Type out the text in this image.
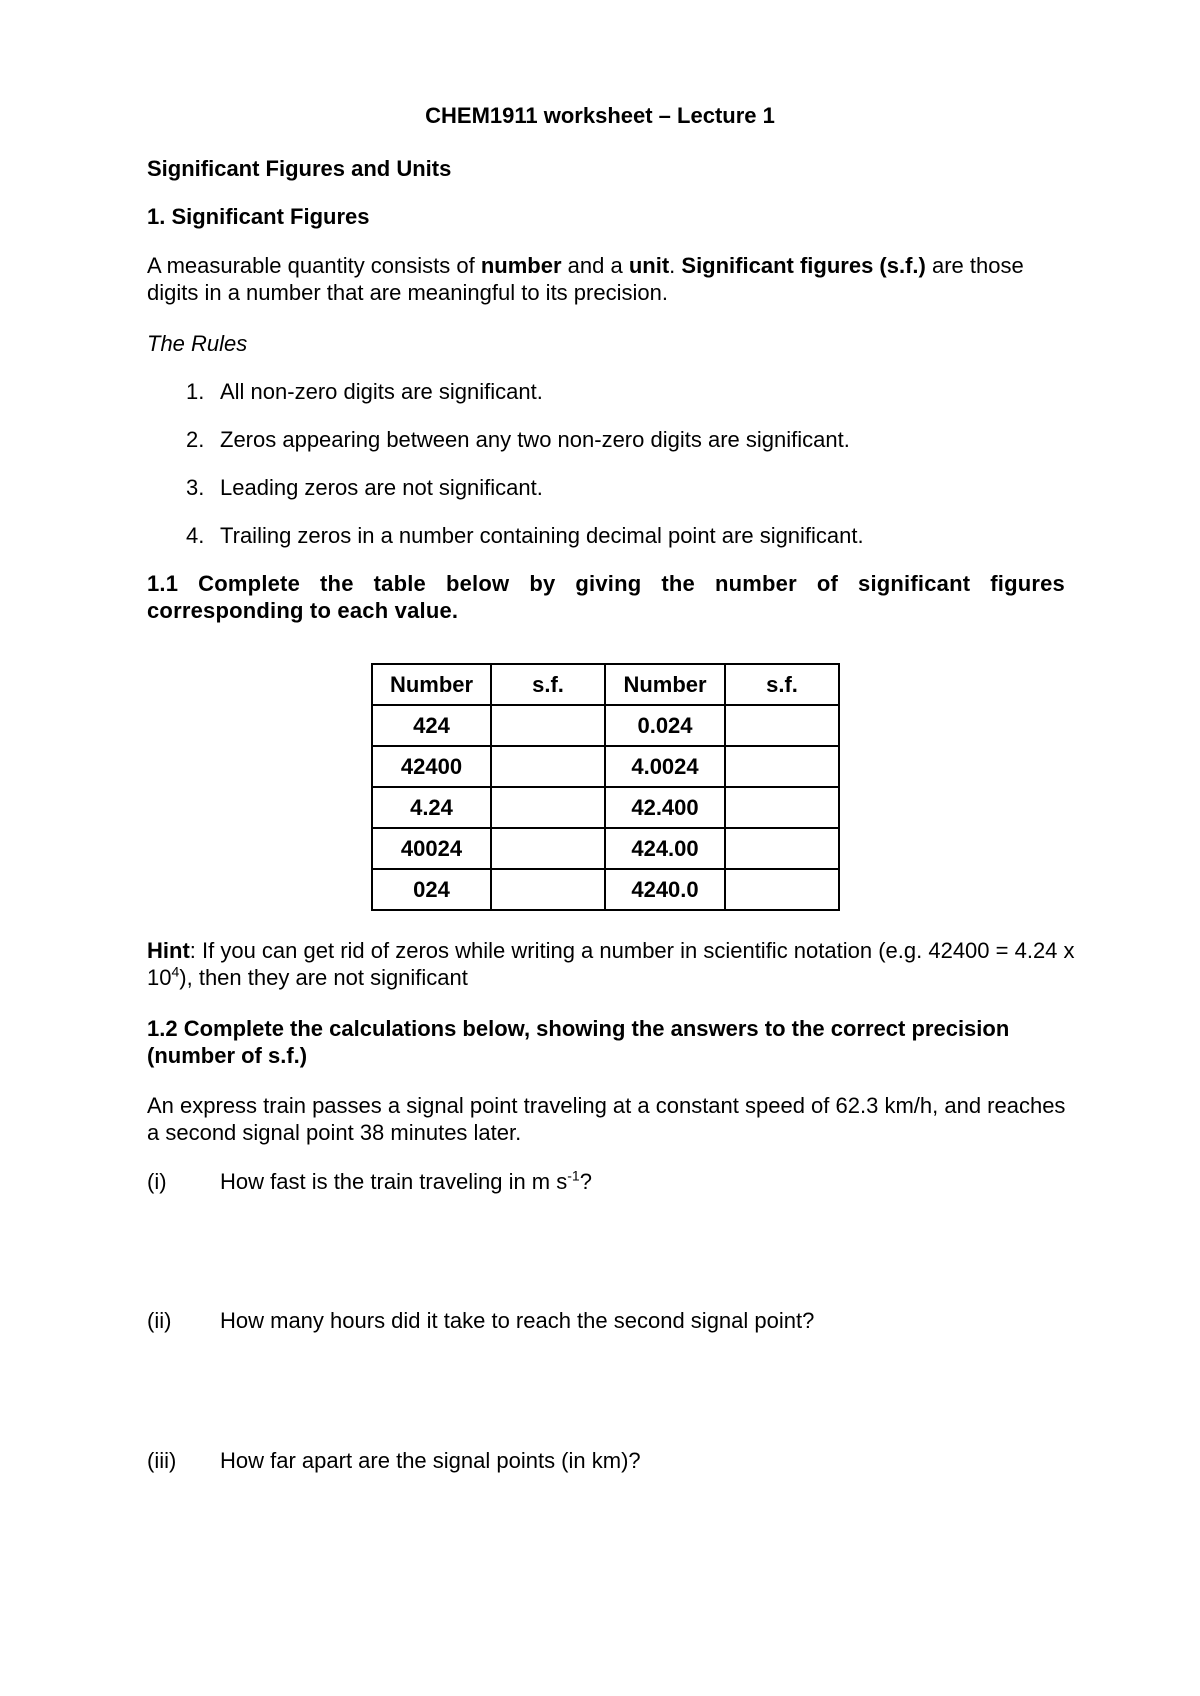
CHEM1911 worksheet – Lecture 1
Significant Figures and Units
1. Significant Figures
A measurable quantity consists of number and a unit. Significant figures (s.f.) are those digits in a number that are meaningful to its precision.
The Rules
1. All non-zero digits are significant.
2. Zeros appearing between any two non-zero digits are significant.
3. Leading zeros are not significant.
4. Trailing zeros in a number containing decimal point are significant.
1.1 Complete the table below by giving the number of significant figures corresponding to each value.
Number	s.f.	Number	s.f.
424		0.024	
42400		4.0024	
4.24		42.400	
40024		424.00	
024		4240.0	
Hint: If you can get rid of zeros while writing a number in scientific notation (e.g. 42400 = 4.24 x $10^4$), then they are not significant
1.2 Complete the calculations below, showing the answers to the correct precision (number of s.f.)
An express train passes a signal point traveling at a constant speed of 62.3 km/h, and reaches a second signal point 38 minutes later.
(i) How fast is the train traveling in m $s^{-1}$?
(ii) How many hours did it take to reach the second signal point?
(iii) How far apart are the signal points (in km)?
